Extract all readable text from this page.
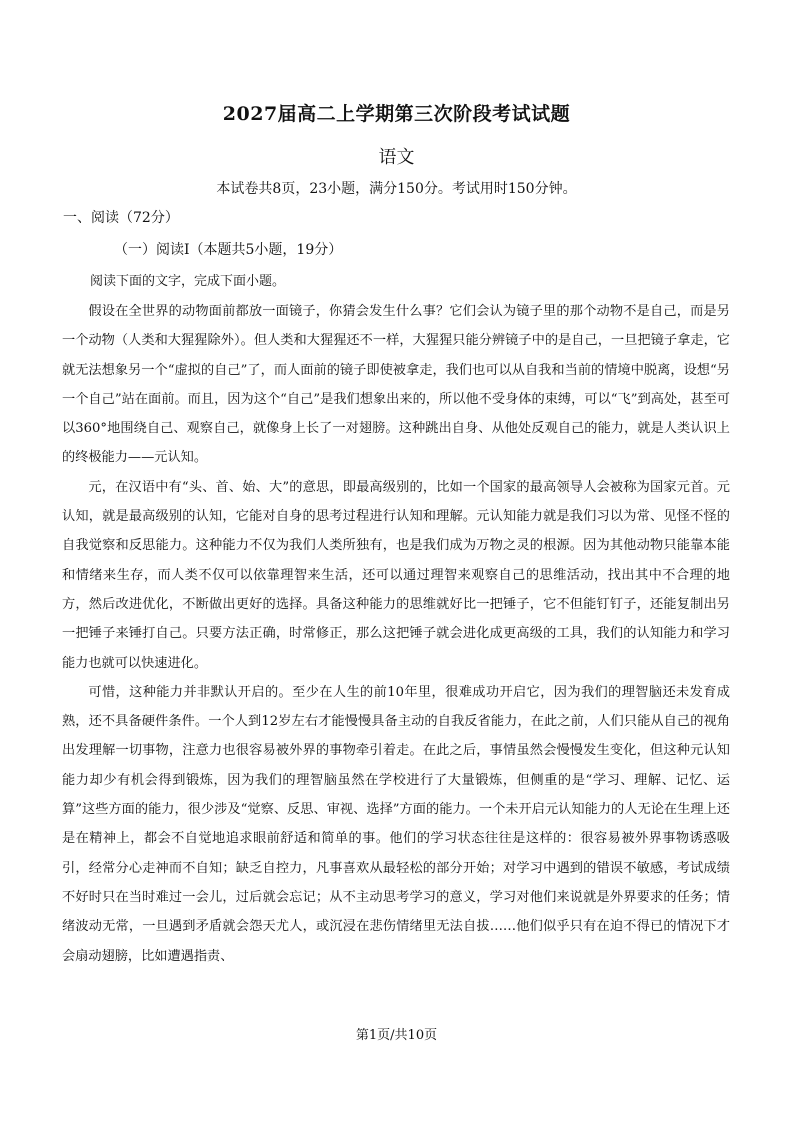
2027届高二上学期第三次阶段考试试题
语文
本试卷共8页，23小题，满分150分。考试用时150分钟。
一、阅读（72分）
（一）阅读Ⅰ（本题共5小题，19分）
阅读下面的文字，完成下面小题。

假设在全世界的动物面前都放一面镜子，你猜会发生什么事？它们会认为镜子里的那个动物不是自己，而是另一个动物（人类和大猩猩除外）。但人类和大猩猩还不一样，大猩猩只能分辨镜子中的是自己，一旦把镜子拿走，它就无法想象另一个“虚拟的自己”了，而人面前的镜子即使被拿走，我们也可以从自我和当前的情境中脱离，设想“另一个自己”站在面前。而且，因为这个“自己”是我们想象出来的，所以他不受身体的束缚，可以“飞”到高处，甚至可以360°地围绕自己、观察自己，就像身上长了一对翅膀。这种跳出自身、从他处反观自己的能力，就是人类认识上的终极能力——元认知。

元，在汉语中有“头、首、始、大”的意思，即最高级别的，比如一个国家的最高领导人会被称为国家元首。元认知，就是最高级别的认知，它能对自身的思考过程进行认知和理解。元认知能力就是我们习以为常、见怪不怪的自我觉察和反思能力。这种能力不仅为我们人类所独有，也是我们成为万物之灵的根源。因为其他动物只能靠本能和情绪来生存，而人类不仅可以依靠理智来生活，还可以通过理智来观察自己的思维活动，找出其中不合理的地方，然后改进优化，不断做出更好的选择。具备这种能力的思维就好比一把锤子，它不但能钉钉子，还能复制出另一把锤子来锤打自己。只要方法正确，时常修正，那么这把锤子就会进化成更高级的工具，我们的认知能力和学习能力也就可以快速进化。

可惜，这种能力并非默认开启的。至少在人生的前10年里，很难成功开启它，因为我们的理智脑还未发育成熟，还不具备硬件条件。一个人到12岁左右才能慢慢具备主动的自我反省能力，在此之前，人们只能从自己的视角出发理解一切事物，注意力也很容易被外界的事物牵引着走。在此之后，事情虽然会慢慢发生变化，但这种元认知能力却少有机会得到锻炼，因为我们的理智脑虽然在学校进行了大量锻炼，但侧重的是“学习、理解、记忆、运算”这些方面的能力，很少涉及“觉察、反思、审视、选择”方面的能力。一个未开启元认知能力的人无论在生理上还是在精神上，都会不自觉地追求眼前舒适和简单的事。他们的学习状态往往是这样的：很容易被外界事物诱惑吸引，经常分心走神而不自知；缺乏自控力，凡事喜欢从最轻松的部分开始；对学习中遇到的错误不敏感，考试成绩不好时只在当时难过一会儿，过后就会忘记；从不主动思考学习的意义，学习对他们来说就是外界要求的任务；情绪波动无常，一旦遇到矛盾就会怨天尤人，或沉浸在悲伤情绪里无法自拔……他们似乎只有在迫不得已的情况下才会扇动翅膀，比如遭遇指责、

第1页/共10页
